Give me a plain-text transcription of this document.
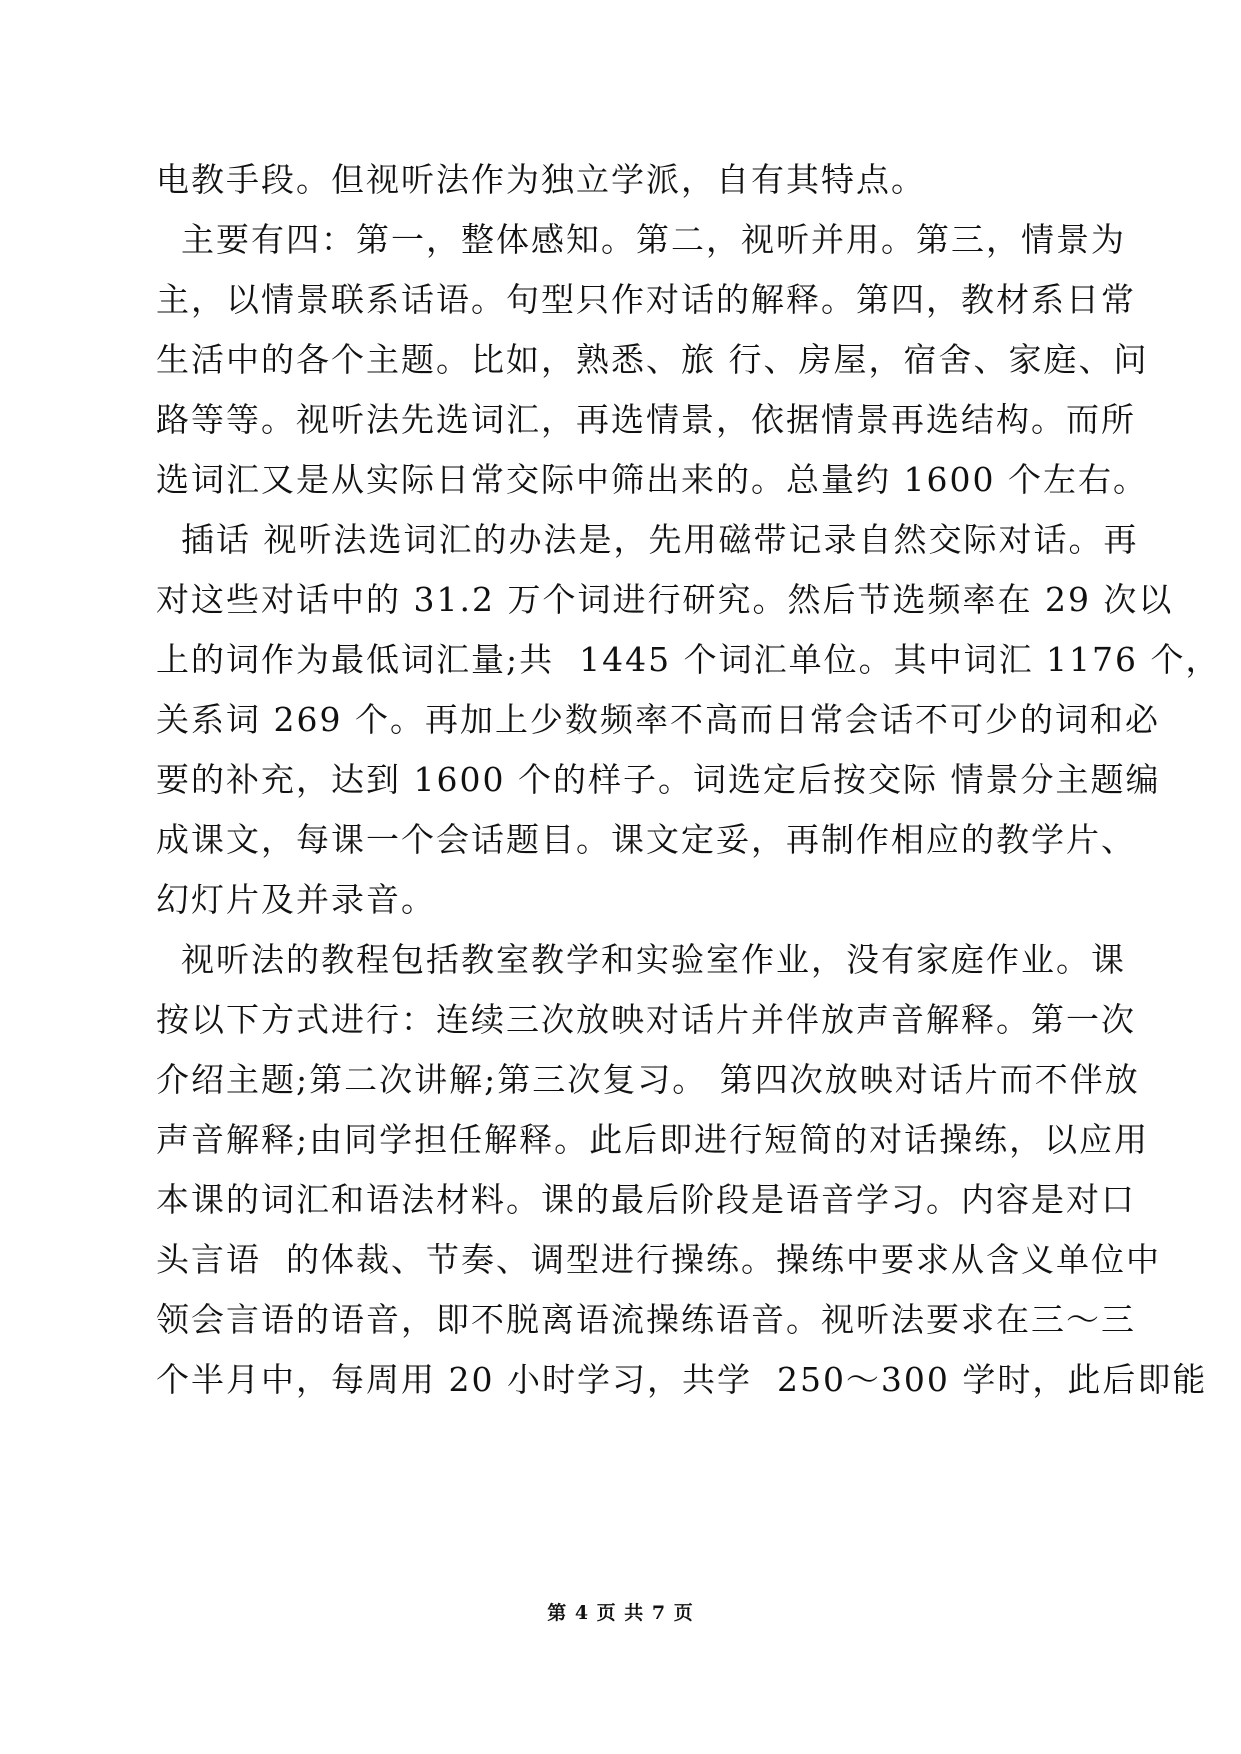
电教手段。但视听法作为独立学派，自有其特点。
主要有四：第一，整体感知。第二，视听并用。第三，情景为
主，以情景联系话语。句型只作对话的解释。第四，教材系日常
生活中的各个主题。比如，熟悉、旅 行、房屋，宿舍、家庭、问
路等等。视听法先选词汇，再选情景，依据情景再选结构。而所
选词汇又是从实际日常交际中筛出来的。总量约 1600 个左右。
插话 视听法选词汇的办法是，先用磁带记录自然交际对话。再
对这些对话中的 31.2 万个词进行研究。然后节选频率在 29 次以
上的词作为最低词汇量;共  1445 个词汇单位。其中词汇 1176 个，
关系词 269 个。再加上少数频率不高而日常会话不可少的词和必
要的补充，达到 1600 个的样子。词选定后按交际 情景分主题编
成课文，每课一个会话题目。课文定妥，再制作相应的教学片、
幻灯片及并录音。
视听法的教程包括教室教学和实验室作业，没有家庭作业。课
按以下方式进行：连续三次放映对话片并伴放声音解释。第一次
介绍主题;第二次讲解;第三次复习。 第四次放映对话片而不伴放
声音解释;由同学担任解释。此后即进行短简的对话操练，以应用
本课的词汇和语法材料。课的最后阶段是语音学习。内容是对口
头言语  的体裁、节奏、调型进行操练。操练中要求从含义单位中
领会言语的语音，即不脱离语流操练语音。视听法要求在三～三
个半月中，每周用 20 小时学习，共学  250～300 学时，此后即能
第 4 页 共 7 页
